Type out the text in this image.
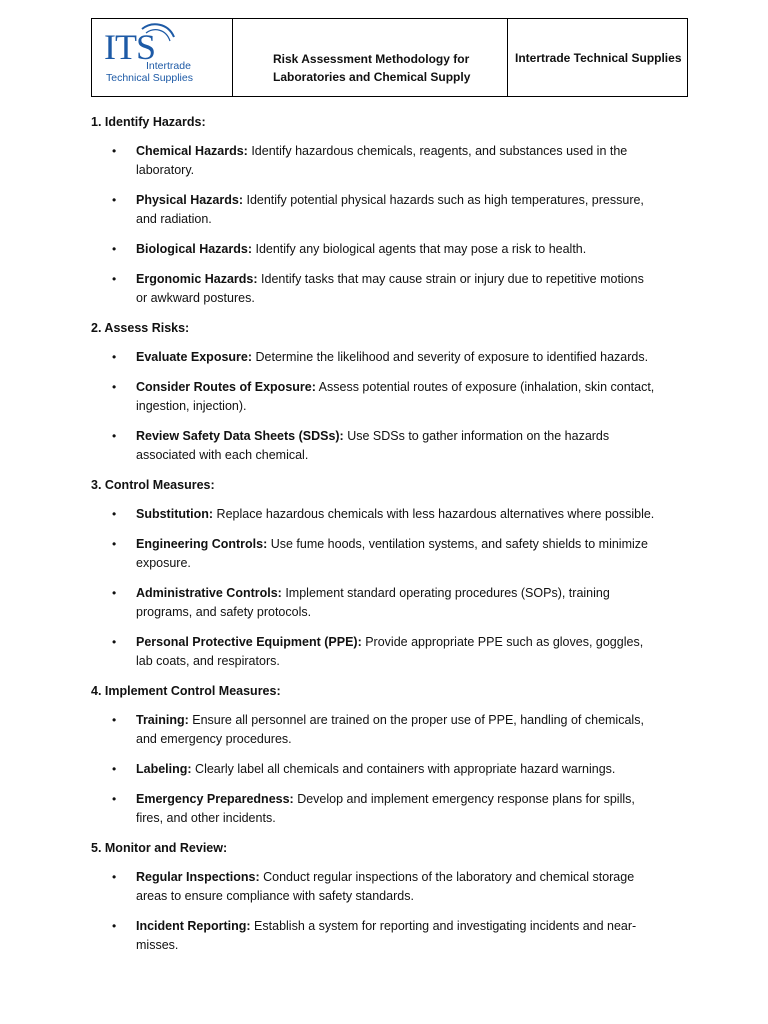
ITS
Intertrade
Technical Supplies
Risk Assessment Methodology for Laboratories and Chemical Supply
Intertrade Technical Supplies
1. Identify Hazards:
• Chemical Hazards: Identify hazardous chemicals, reagents, and substances used in the laboratory.
• Physical Hazards: Identify potential physical hazards such as high temperatures, pressure, and radiation.
• Biological Hazards: Identify any biological agents that may pose a risk to health.
• Ergonomic Hazards: Identify tasks that may cause strain or injury due to repetitive motions or awkward postures.
2. Assess Risks:
• Evaluate Exposure: Determine the likelihood and severity of exposure to identified hazards.
• Consider Routes of Exposure: Assess potential routes of exposure (inhalation, skin contact, ingestion, injection).
• Review Safety Data Sheets (SDSs): Use SDSs to gather information on the hazards associated with each chemical.
3. Control Measures:
• Substitution: Replace hazardous chemicals with less hazardous alternatives where possible.
• Engineering Controls: Use fume hoods, ventilation systems, and safety shields to minimize exposure.
• Administrative Controls: Implement standard operating procedures (SOPs), training programs, and safety protocols.
• Personal Protective Equipment (PPE): Provide appropriate PPE such as gloves, goggles, lab coats, and respirators.
4. Implement Control Measures:
• Training: Ensure all personnel are trained on the proper use of PPE, handling of chemicals, and emergency procedures.
• Labeling: Clearly label all chemicals and containers with appropriate hazard warnings.
• Emergency Preparedness: Develop and implement emergency response plans for spills, fires, and other incidents.
5. Monitor and Review:
• Regular Inspections: Conduct regular inspections of the laboratory and chemical storage areas to ensure compliance with safety standards.
• Incident Reporting: Establish a system for reporting and investigating incidents and near-misses.
